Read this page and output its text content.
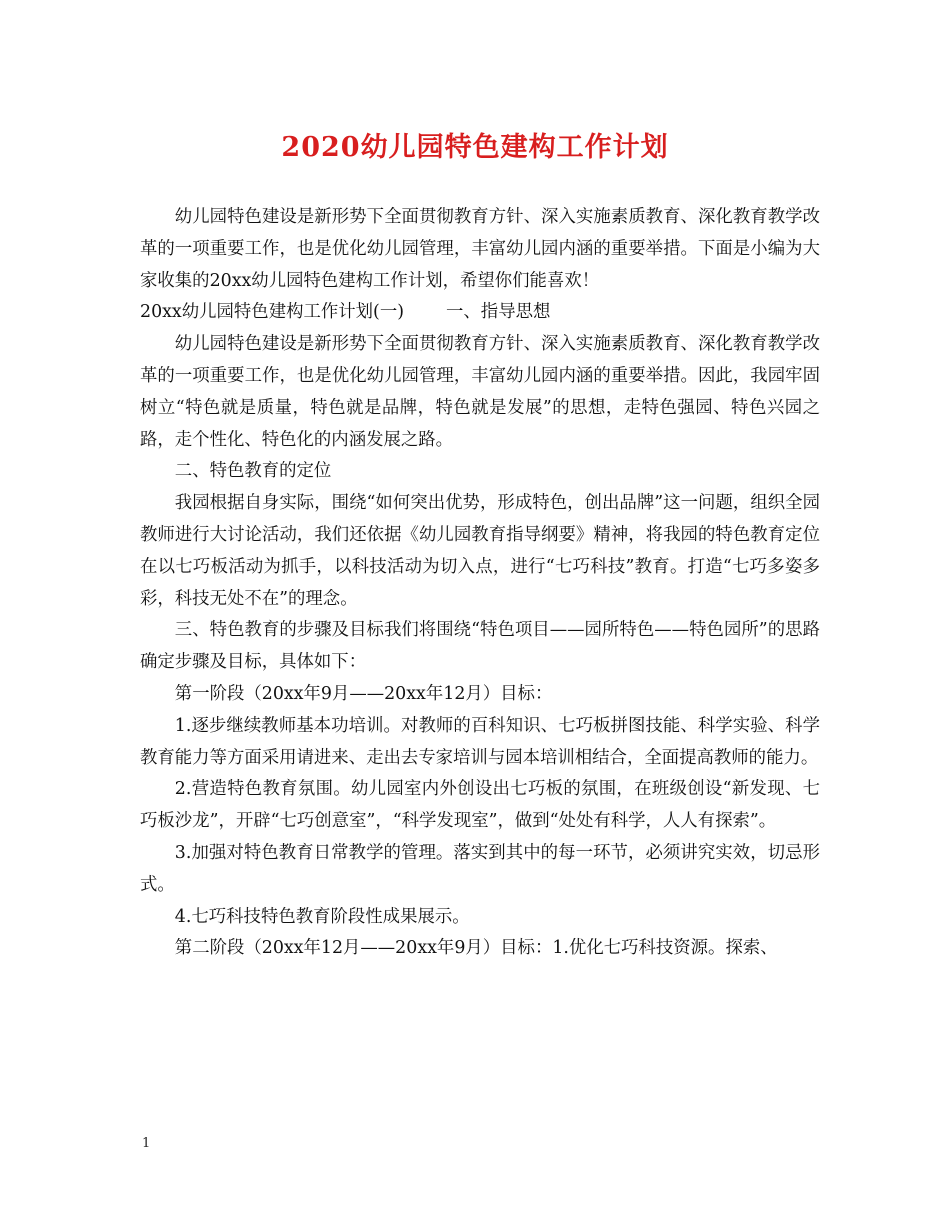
2020幼儿园特色建构工作计划

幼儿园特色建设是新形势下全面贯彻教育方针、深入实施素质教育、深化教育教学改革的一项重要工作，也是优化幼儿园管理，丰富幼儿园内涵的重要举措。下面是小编为大家收集的20xx幼儿园特色建构工作计划，希望你们能喜欢！

20xx幼儿园特色建构工作计划(一) 一、指导思想

幼儿园特色建设是新形势下全面贯彻教育方针、深入实施素质教育、深化教育教学改革的一项重要工作，也是优化幼儿园管理，丰富幼儿园内涵的重要举措。因此，我园牢固树立“特色就是质量，特色就是品牌，特色就是发展”的思想，走特色强园、特色兴园之路，走个性化、特色化的内涵发展之路。

二、特色教育的定位

我园根据自身实际，围绕“如何突出优势，形成特色，创出品牌”这一问题，组织全园教师进行大讨论活动，我们还依据《幼儿园教育指导纲要》精神，将我园的特色教育定位在以七巧板活动为抓手，以科技活动为切入点，进行“七巧科技”教育。打造“七巧多姿多彩，科技无处不在”的理念。

三、特色教育的步骤及目标我们将围绕“特色项目——园所特色——特色园所”的思路确定步骤及目标，具体如下：

第一阶段（20xx年9月——20xx年12月）目标：

1.逐步继续教师基本功培训。对教师的百科知识、七巧板拼图技能、科学实验、科学教育能力等方面采用请进来、走出去专家培训与园本培训相结合，全面提高教师的能力。

2.营造特色教育氛围。幼儿园室内外创设出七巧板的氛围，在班级创设“新发现、七巧板沙龙”，开辟“七巧创意室”，“科学发现室”，做到“处处有科学，人人有探索”。

3.加强对特色教育日常教学的管理。落实到其中的每一环节，必须讲究实效，切忌形式。

4.七巧科技特色教育阶段性成果展示。

第二阶段（20xx年12月——20xx年9月）目标：1.优化七巧科技资源。探索、

1
